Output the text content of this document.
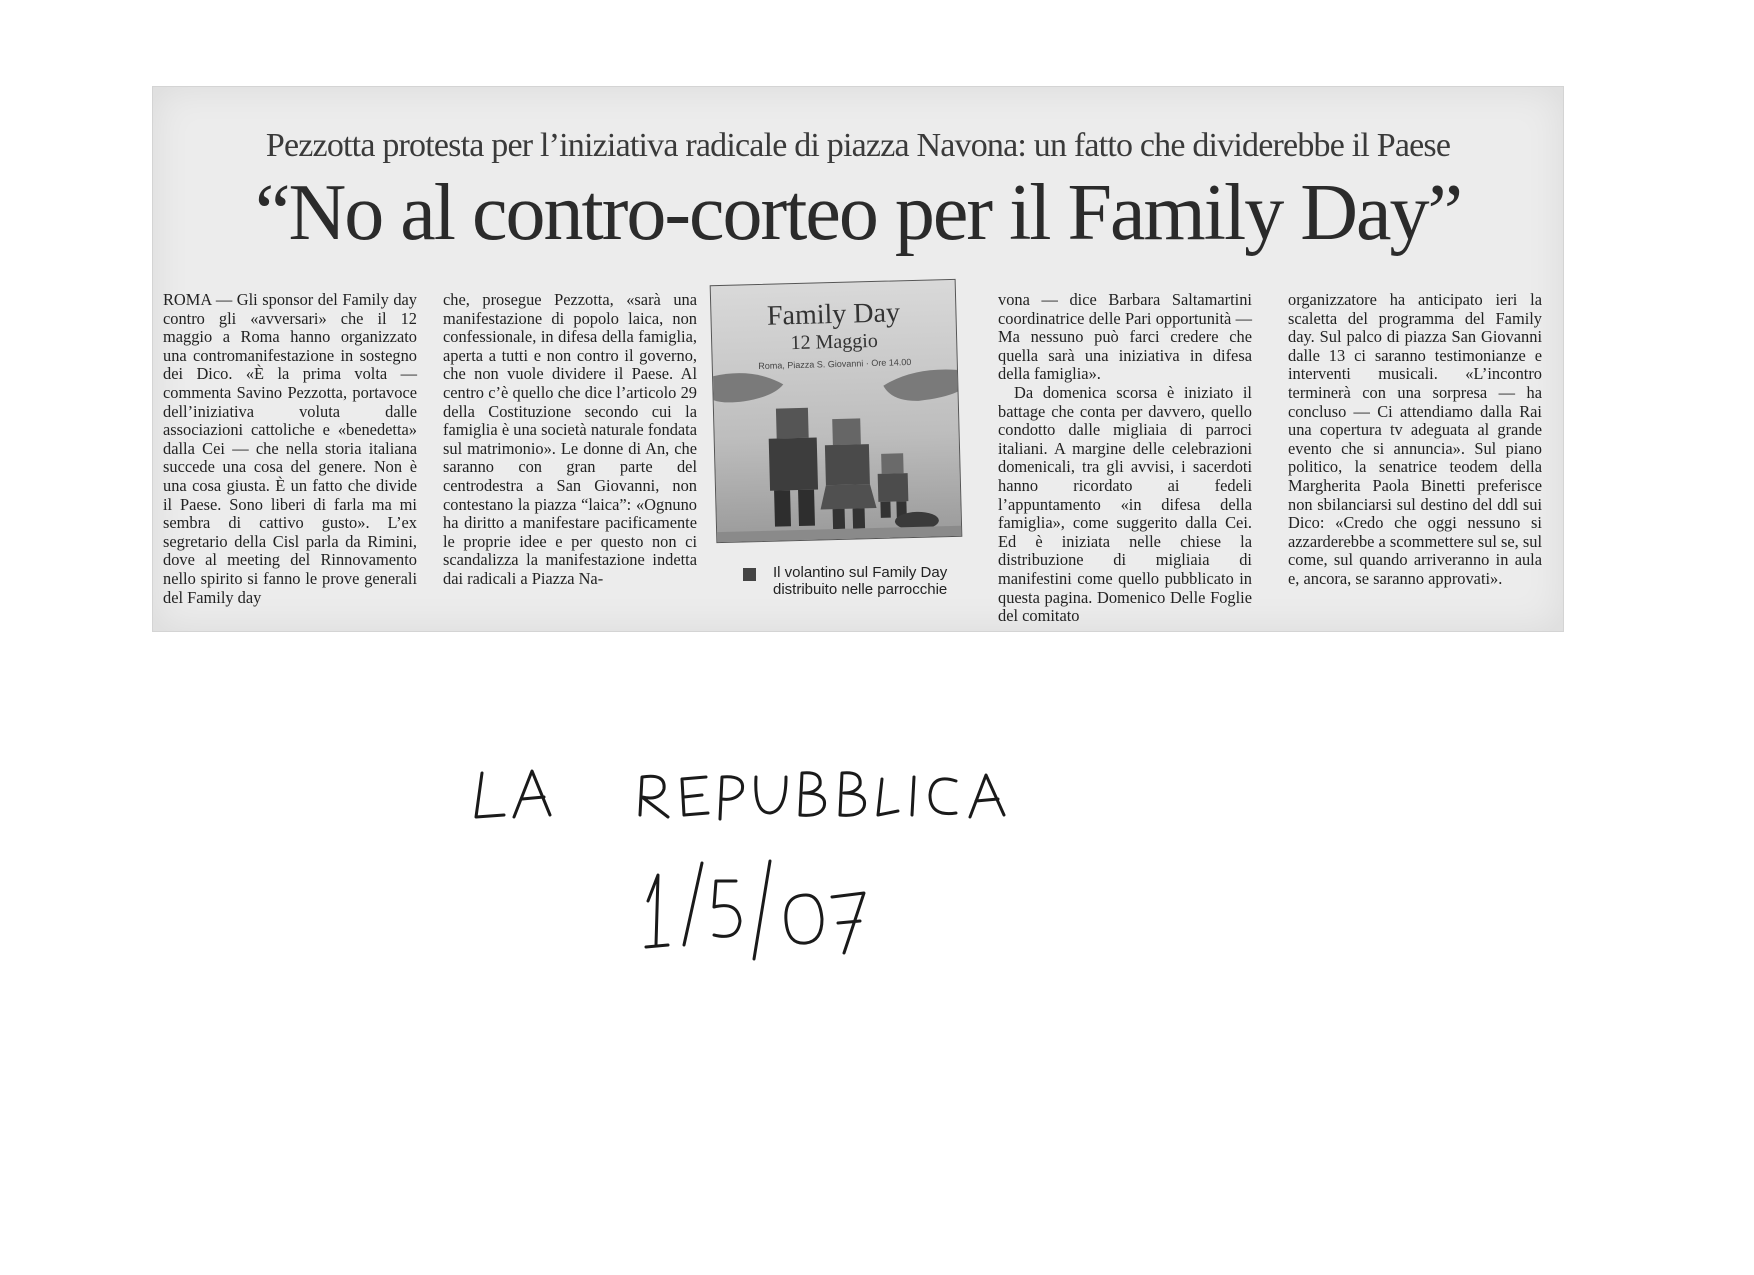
Pezzotta protesta per l’iniziativa radicale di piazza Navona: un fatto che dividerebbe il Paese
“No al contro-corteo per il Family Day”

ROMA — Gli sponsor del Family day contro gli «avversari» che il 12 maggio a Roma hanno organizzato una contromanifestazione in sostegno dei Dico. «È la prima volta — commenta Savino Pezzotta, portavoce dell’iniziativa voluta dalle associazioni cattoliche e «benedetta» dalla Cei — che nella storia italiana succede una cosa del genere. Non è una cosa giusta. È un fatto che divide il Paese. Sono liberi di farla ma mi sembra di cattivo gusto». L’ex segretario della Cisl parla da Rimini, dove al meeting del Rinnovamento nello spirito si fanno le prove generali del Family day

che, prosegue Pezzotta, «sarà una manifestazione di popolo laica, non confessionale, in difesa della famiglia, aperta a tutti e non contro il governo, che non vuole dividere il Paese. Al centro c’è quello che dice l’articolo 29 della Costituzione secondo cui la famiglia è una società naturale fondata sul matrimonio». Le donne di An, che saranno con gran parte del centrodestra a San Giovanni, non contestano la piazza “laica”: «Ognuno ha diritto a manifestare pacificamente le proprie idee e per questo non ci scandalizza la manifestazione indetta dai radicali a Piazza Na-

Family Day
12 Maggio
Roma, Piazza S. Giovanni · Ore 14.00
Il volantino sul Family Day distribuito nelle parrocchie

vona — dice Barbara Saltamartini coordinatrice delle Pari opportunità — Ma nessuno può farci credere che quella sarà una iniziativa in difesa della famiglia».

Da domenica scorsa è iniziato il battage che conta per davvero, quello condotto dalle migliaia di parroci italiani. A margine delle celebrazioni domenicali, tra gli avvisi, i sacerdoti hanno ricordato ai fedeli l’appuntamento «in difesa della famiglia», come suggerito dalla Cei. Ed è iniziata nelle chiese la distribuzione di migliaia di manifestini come quello pubblicato in questa pagina. Domenico Delle Foglie del comitato

organizzatore ha anticipato ieri la scaletta del programma del Family day. Sul palco di piazza San Giovanni dalle 13 ci saranno testimonianze e interventi musicali. «L’incontro terminerà con una sorpresa — ha concluso — Ci attendiamo dalla Rai una copertura tv adeguata al grande evento che si annuncia». Sul piano politico, la senatrice teodem della Margherita Paola Binetti preferisce non sbilanciarsi sul destino del ddl sui Dico: «Credo che oggi nessuno si azzarderebbe a scommettere sul se, sul come, sul quando arriveranno in aula e, ancora, se saranno approvati».
